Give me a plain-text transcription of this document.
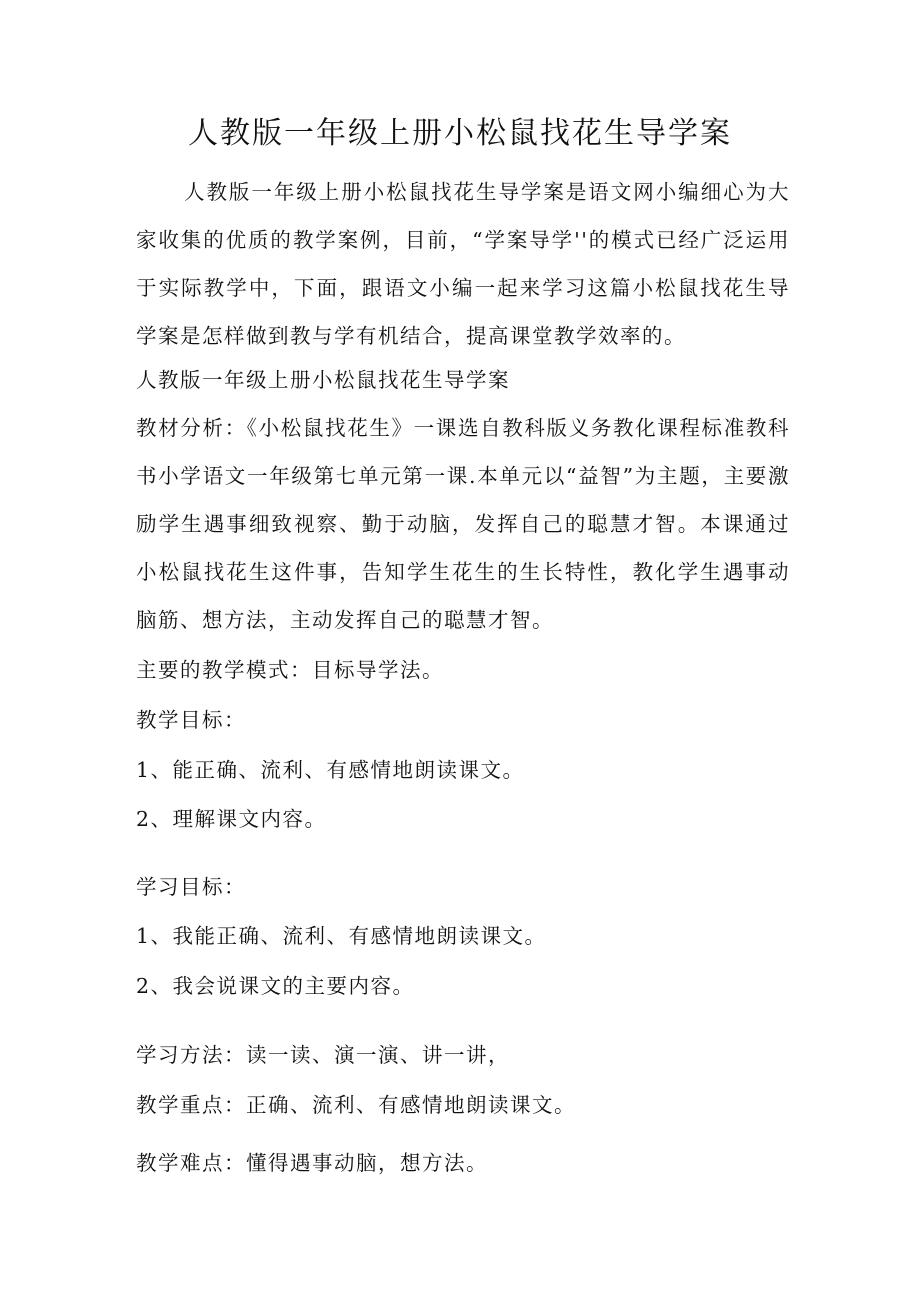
人教版一年级上册小松鼠找花生导学案

人教版一年级上册小松鼠找花生导学案是语文网小编细心为大家收集的优质的教学案例，目前，“学案导学''的模式已经广泛运用于实际教学中，下面，跟语文小编一起来学习这篇小松鼠找花生导学案是怎样做到教与学有机结合，提高课堂教学效率的。

人教版一年级上册小松鼠找花生导学案

教材分析：《小松鼠找花生》一课选自教科版义务教化课程标准教科书小学语文一年级第七单元第一课.本单元以“益智”为主题，主要激励学生遇事细致视察、勤于动脑，发挥自己的聪慧才智。本课通过小松鼠找花生这件事，告知学生花生的生长特性，教化学生遇事动脑筋、想方法，主动发挥自己的聪慧才智。

主要的教学模式：目标导学法。

教学目标：

1、能正确、流利、有感情地朗读课文。

2、理解课文内容。

学习目标：

1、我能正确、流利、有感情地朗读课文。

2、我会说课文的主要内容。

学习方法：读一读、演一演、讲一讲，

教学重点：正确、流利、有感情地朗读课文。

教学难点：懂得遇事动脑，想方法。
